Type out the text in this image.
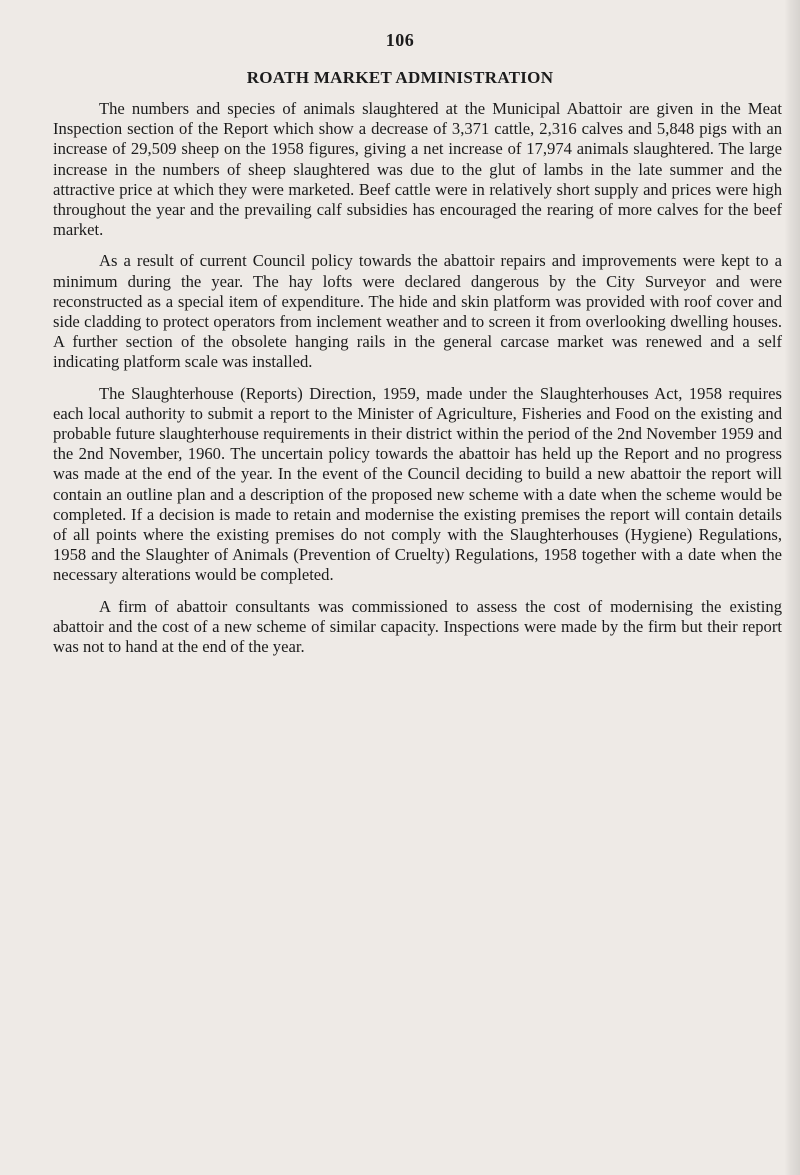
106
ROATH MARKET ADMINISTRATION

The numbers and species of animals slaughtered at the Municipal Abattoir are given in the Meat Inspection section of the Report which show a decrease of 3,371 cattle, 2,316 calves and 5,848 pigs with an increase of 29,509 sheep on the 1958 figures, giving a net increase of 17,974 animals slaughtered. The large increase in the numbers of sheep slaughtered was due to the glut of lambs in the late summer and the attractive price at which they were marketed. Beef cattle were in relatively short supply and prices were high throughout the year and the prevailing calf subsidies has encouraged the rearing of more calves for the beef market.

As a result of current Council policy towards the abattoir repairs and improvements were kept to a minimum during the year. The hay lofts were declared dangerous by the City Surveyor and were reconstructed as a special item of expenditure. The hide and skin platform was provided with roof cover and side cladding to protect operators from inclement weather and to screen it from overlooking dwelling houses. A further section of the obsolete hanging rails in the general carcase market was renewed and a self indicating platform scale was installed.

The Slaughterhouse (Reports) Direction, 1959, made under the Slaughterhouses Act, 1958 requires each local authority to submit a report to the Minister of Agriculture, Fisheries and Food on the existing and probable future slaughterhouse requirements in their district within the period of the 2nd November 1959 and the 2nd November, 1960. The uncertain policy towards the abattoir has held up the Report and no progress was made at the end of the year. In the event of the Council deciding to build a new abattoir the report will contain an outline plan and a description of the proposed new scheme with a date when the scheme would be completed. If a decision is made to retain and modernise the existing premises the report will contain details of all points where the existing premises do not comply with the Slaughterhouses (Hygiene) Regulations, 1958 and the Slaughter of Animals (Prevention of Cruelty) Regulations, 1958 together with a date when the necessary alterations would be completed.

A firm of abattoir consultants was commissioned to assess the cost of modernising the existing abattoir and the cost of a new scheme of similar capacity. Inspections were made by the firm but their report was not to hand at the end of the year.
